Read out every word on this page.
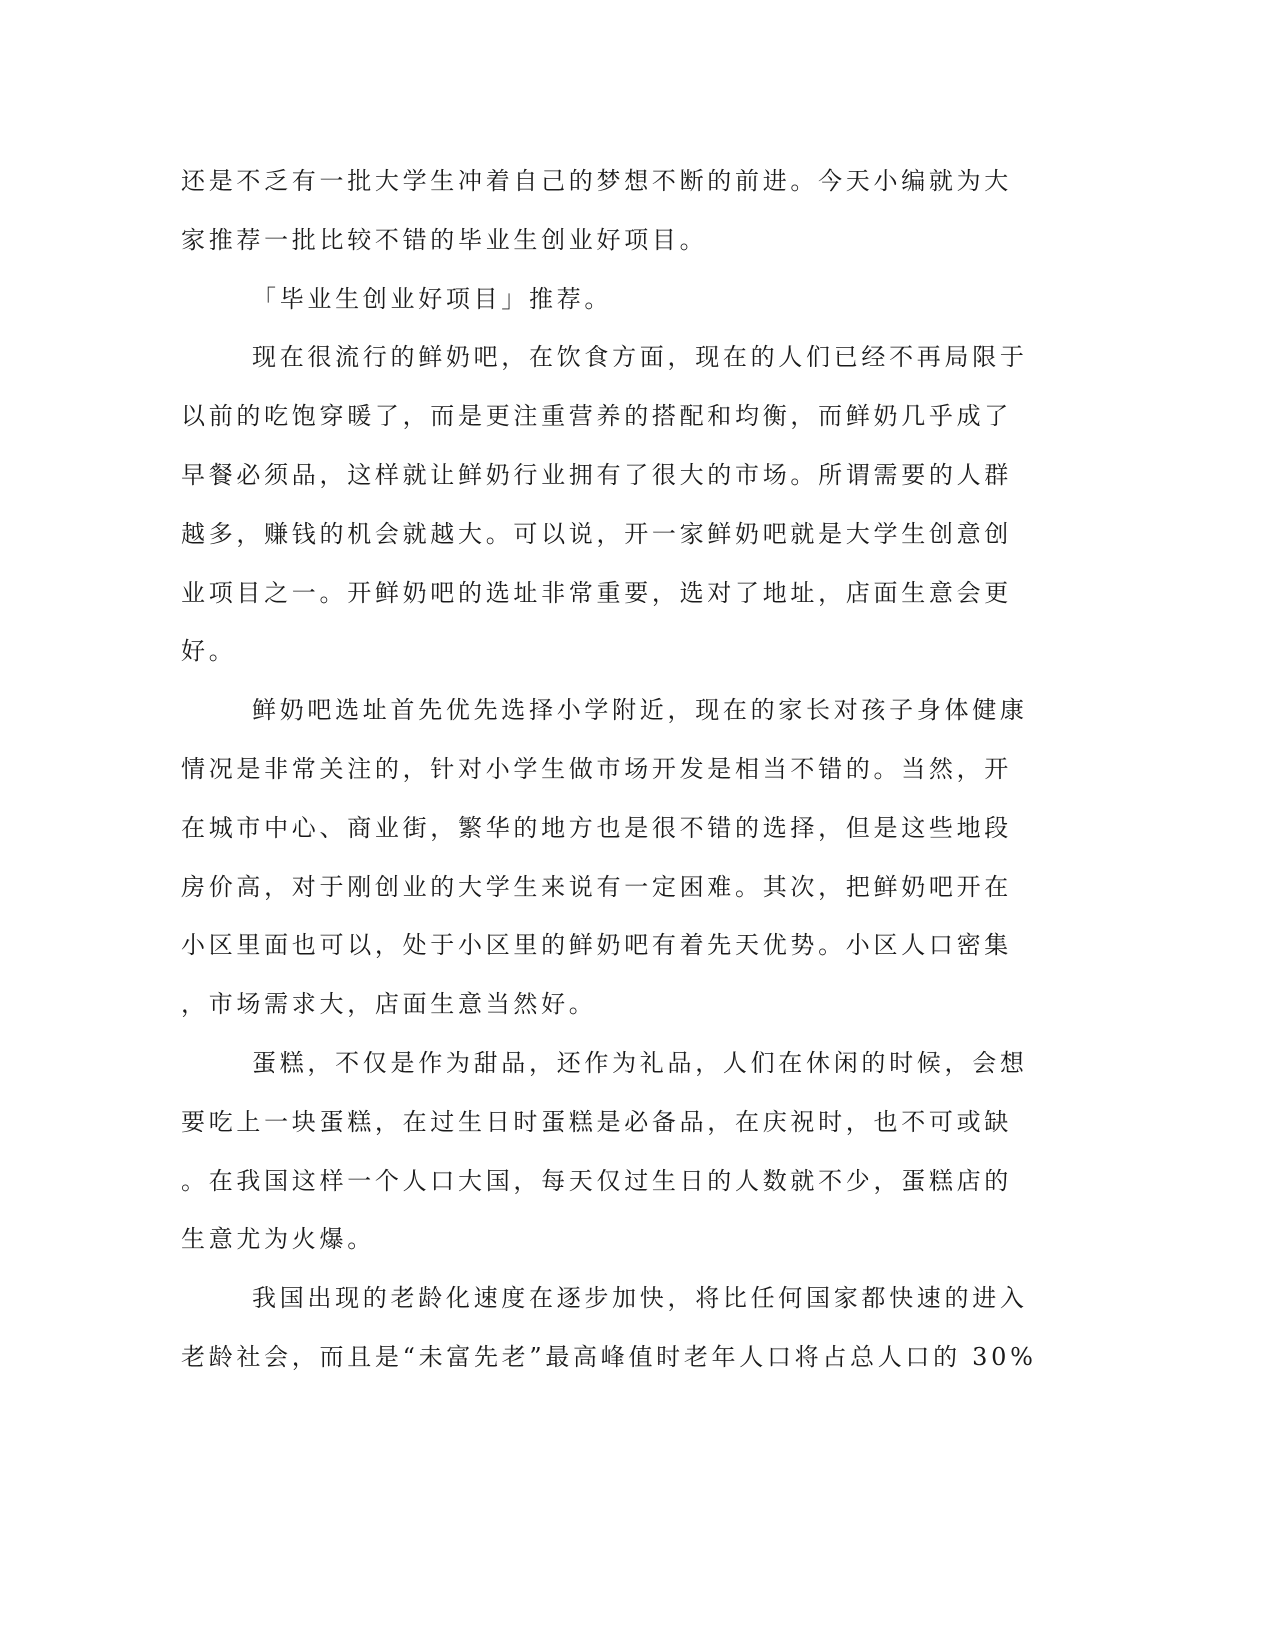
还是不乏有一批大学生冲着自己的梦想不断的前进。今天小编就为大
家推荐一批比较不错的毕业生创业好项目。
「毕业生创业好项目」推荐。
现在很流行的鲜奶吧，在饮食方面，现在的人们已经不再局限于
以前的吃饱穿暖了，而是更注重营养的搭配和均衡，而鲜奶几乎成了
早餐必须品，这样就让鲜奶行业拥有了很大的市场。所谓需要的人群
越多，赚钱的机会就越大。可以说，开一家鲜奶吧就是大学生创意创
业项目之一。开鲜奶吧的选址非常重要，选对了地址，店面生意会更
好。
鲜奶吧选址首先优先选择小学附近，现在的家长对孩子身体健康
情况是非常关注的，针对小学生做市场开发是相当不错的。当然，开
在城市中心、商业街，繁华的地方也是很不错的选择，但是这些地段
房价高，对于刚创业的大学生来说有一定困难。其次，把鲜奶吧开在
小区里面也可以，处于小区里的鲜奶吧有着先天优势。小区人口密集
，市场需求大，店面生意当然好。
蛋糕，不仅是作为甜品，还作为礼品，人们在休闲的时候，会想
要吃上一块蛋糕，在过生日时蛋糕是必备品，在庆祝时，也不可或缺
。在我国这样一个人口大国，每天仅过生日的人数就不少，蛋糕店的
生意尤为火爆。
我国出现的老龄化速度在逐步加快，将比任何国家都快速的进入
老龄社会，而且是“未富先老”最高峰值时老年人口将占总人口的 30%
